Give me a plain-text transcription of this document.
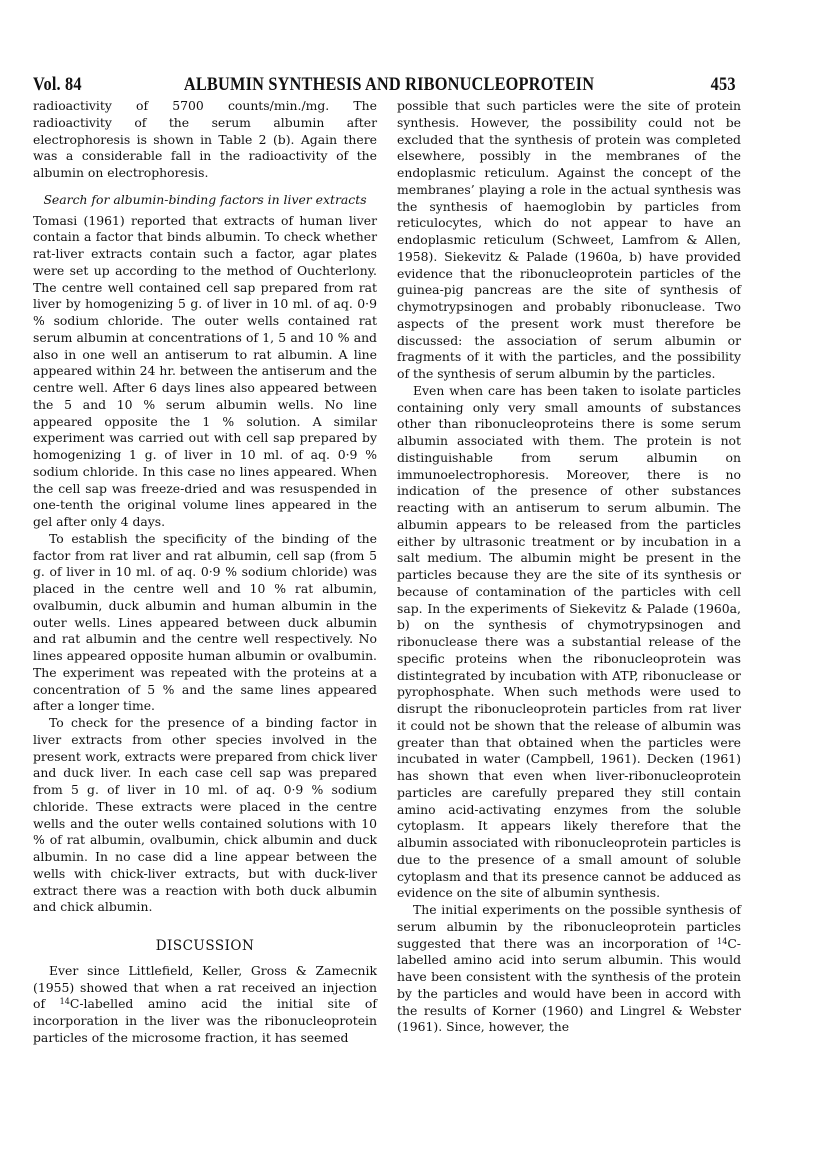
Vol. 84	ALBUMIN SYNTHESIS AND RIBONUCLEOPROTEIN	453

radioactivity of 5700 counts/min./mg. The radioactivity of the serum albumin after electrophoresis is shown in Table 2 (b). Again there was a considerable fall in the radioactivity of the albumin on electrophoresis.

Search for albumin-binding factors in liver extracts

Tomasi (1961) reported that extracts of human liver contain a factor that binds albumin. To check whether rat-liver extracts contain such a factor, agar plates were set up according to the method of Ouchterlony. The centre well contained cell sap prepared from rat liver by homogenizing 5 g. of liver in 10 ml. of aq. 0·9 % sodium chloride. The outer wells contained rat serum albumin at concentrations of 1, 5 and 10 % and also in one well an antiserum to rat albumin. A line appeared within 24 hr. between the antiserum and the centre well. After 6 days lines also appeared between the 5 and 10 % serum albumin wells. No line appeared opposite the 1 % solution. A similar experiment was carried out with cell sap prepared by homogenizing 1 g. of liver in 10 ml. of aq. 0·9 % sodium chloride. In this case no lines appeared. When the cell sap was freeze-dried and was resuspended in one-tenth the original volume lines appeared in the gel after only 4 days.

To establish the specificity of the binding of the factor from rat liver and rat albumin, cell sap (from 5 g. of liver in 10 ml. of aq. 0·9 % sodium chloride) was placed in the centre well and 10 % rat albumin, ovalbumin, duck albumin and human albumin in the outer wells. Lines appeared between duck albumin and rat albumin and the centre well respectively. No lines appeared opposite human albumin or ovalbumin. The experiment was repeated with the proteins at a concentration of 5 % and the same lines appeared after a longer time.

To check for the presence of a binding factor in liver extracts from other species involved in the present work, extracts were prepared from chick liver and duck liver. In each case cell sap was prepared from 5 g. of liver in 10 ml. of aq. 0·9 % sodium chloride. These extracts were placed in the centre wells and the outer wells contained solutions with 10 % of rat albumin, ovalbumin, chick albumin and duck albumin. In no case did a line appear between the wells with chick-liver extracts, but with duck-liver extract there was a reaction with both duck albumin and chick albumin.

DISCUSSION

Ever since Littlefield, Keller, Gross & Zamecnik (1955) showed that when a rat received an injection of $^{14}$C-labelled amino acid the initial site of incorporation in the liver was the ribonucleoprotein particles of the microsome fraction, it has seemed

possible that such particles were the site of protein synthesis. However, the possibility could not be excluded that the synthesis of protein was completed elsewhere, possibly in the membranes of the endoplasmic reticulum. Against the concept of the membranes’ playing a role in the actual synthesis was the synthesis of haemoglobin by particles from reticulocytes, which do not appear to have an endoplasmic reticulum (Schweet, Lamfrom & Allen, 1958). Siekevitz & Palade (1960a, b) have provided evidence that the ribonucleoprotein particles of the guinea-pig pancreas are the site of synthesis of chymotrypsinogen and probably ribonuclease. Two aspects of the present work must therefore be discussed: the association of serum albumin or fragments of it with the particles, and the possibility of the synthesis of serum albumin by the particles.

Even when care has been taken to isolate particles containing only very small amounts of substances other than ribonucleoproteins there is some serum albumin associated with them. The protein is not distinguishable from serum albumin on immunoelectrophoresis. Moreover, there is no indication of the presence of other substances reacting with an antiserum to serum albumin. The albumin appears to be released from the particles either by ultrasonic treatment or by incubation in a salt medium. The albumin might be present in the particles because they are the site of its synthesis or because of contamination of the particles with cell sap. In the experiments of Siekevitz & Palade (1960a, b) on the synthesis of chymotrypsinogen and ribonuclease there was a substantial release of the specific proteins when the ribonucleoprotein was distintegrated by incubation with ATP, ribonuclease or pyrophosphate. When such methods were used to disrupt the ribonucleoprotein particles from rat liver it could not be shown that the release of albumin was greater than that obtained when the particles were incubated in water (Campbell, 1961). Decken (1961) has shown that even when liver-ribonucleoprotein particles are carefully prepared they still contain amino acid-activating enzymes from the soluble cytoplasm. It appears likely therefore that the albumin associated with ribonucleoprotein particles is due to the presence of a small amount of soluble cytoplasm and that its presence cannot be adduced as evidence on the site of albumin synthesis.

The initial experiments on the possible synthesis of serum albumin by the ribonucleoprotein particles suggested that there was an incorporation of $^{14}$C-labelled amino acid into serum albumin. This would have been consistent with the synthesis of the protein by the particles and would have been in accord with the results of Korner (1960) and Lingrel & Webster (1961). Since, however, the
